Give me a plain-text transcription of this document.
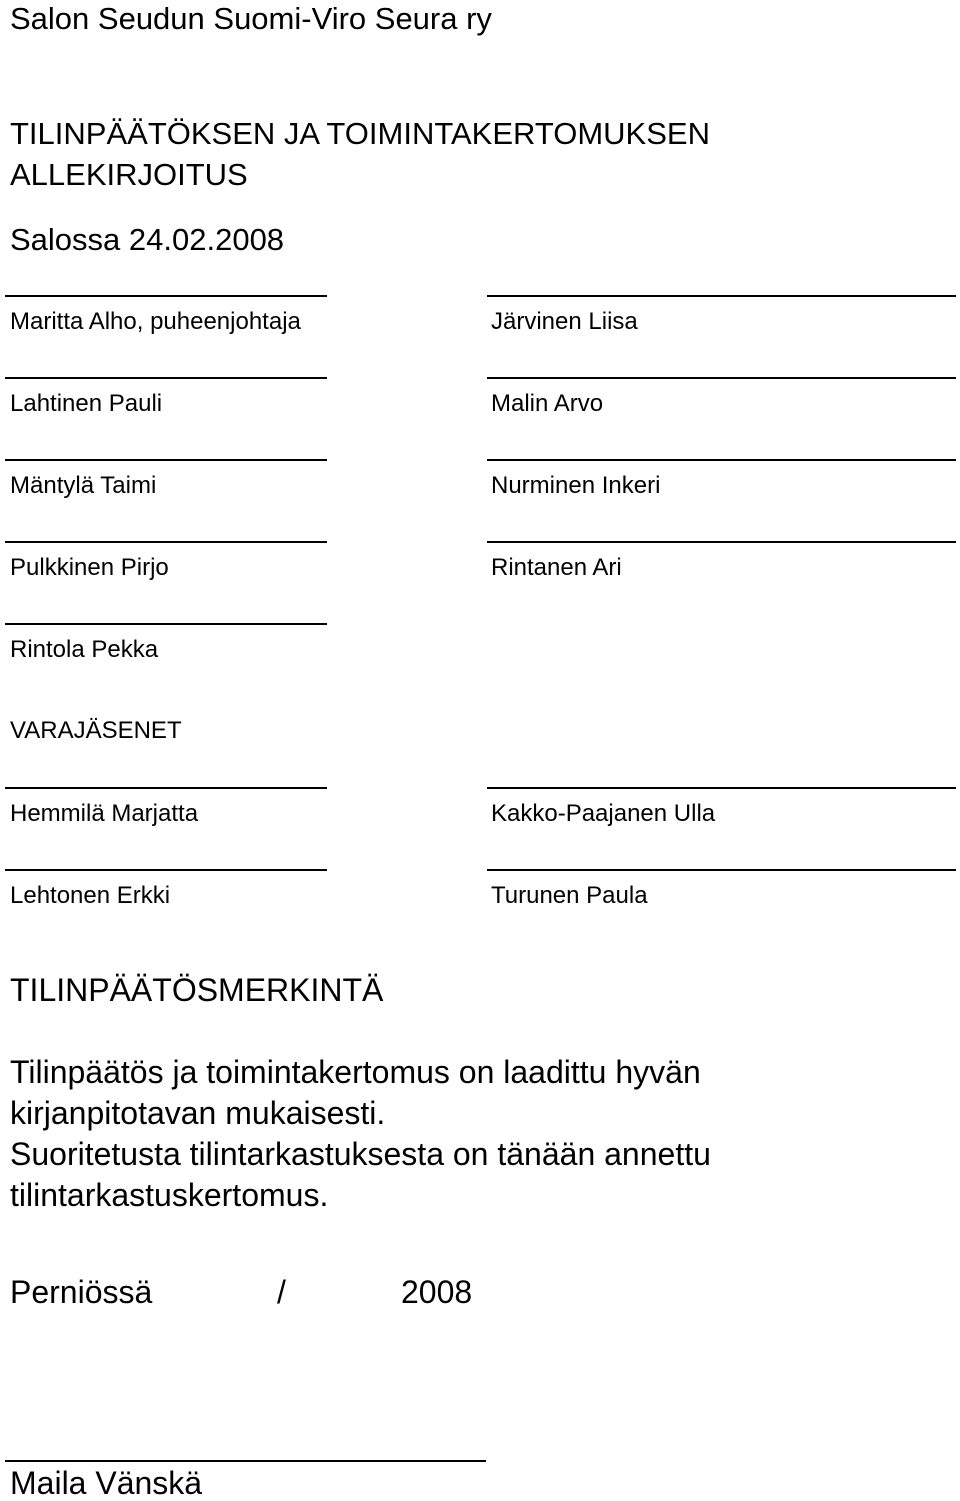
Salon Seudun Suomi-Viro Seura ry
TILINPÄÄTÖKSEN JA TOIMINTAKERTOMUKSEN
ALLEKIRJOITUS
Salossa 24.02.2008
Maritta Alho, puheenjohtaja
Lahtinen Pauli
Mäntylä Taimi
Pulkkinen Pirjo
Rintola Pekka
Järvinen Liisa
Malin Arvo
Nurminen Inkeri
Rintanen Ari
VARAJÄSENET
Hemmilä Marjatta
Lehtonen Erkki
Kakko-Paajanen Ulla
Turunen Paula
TILINPÄÄTÖSMERKINTÄ
Tilinpäätös ja toimintakertomus on laadittu hyvän
kirjanpitotavan mukaisesti.
Suoritetusta tilintarkastuksesta on tänään annettu
tilintarkastuskertomus.
Perniössä	/	2008
Maila Vänskä
